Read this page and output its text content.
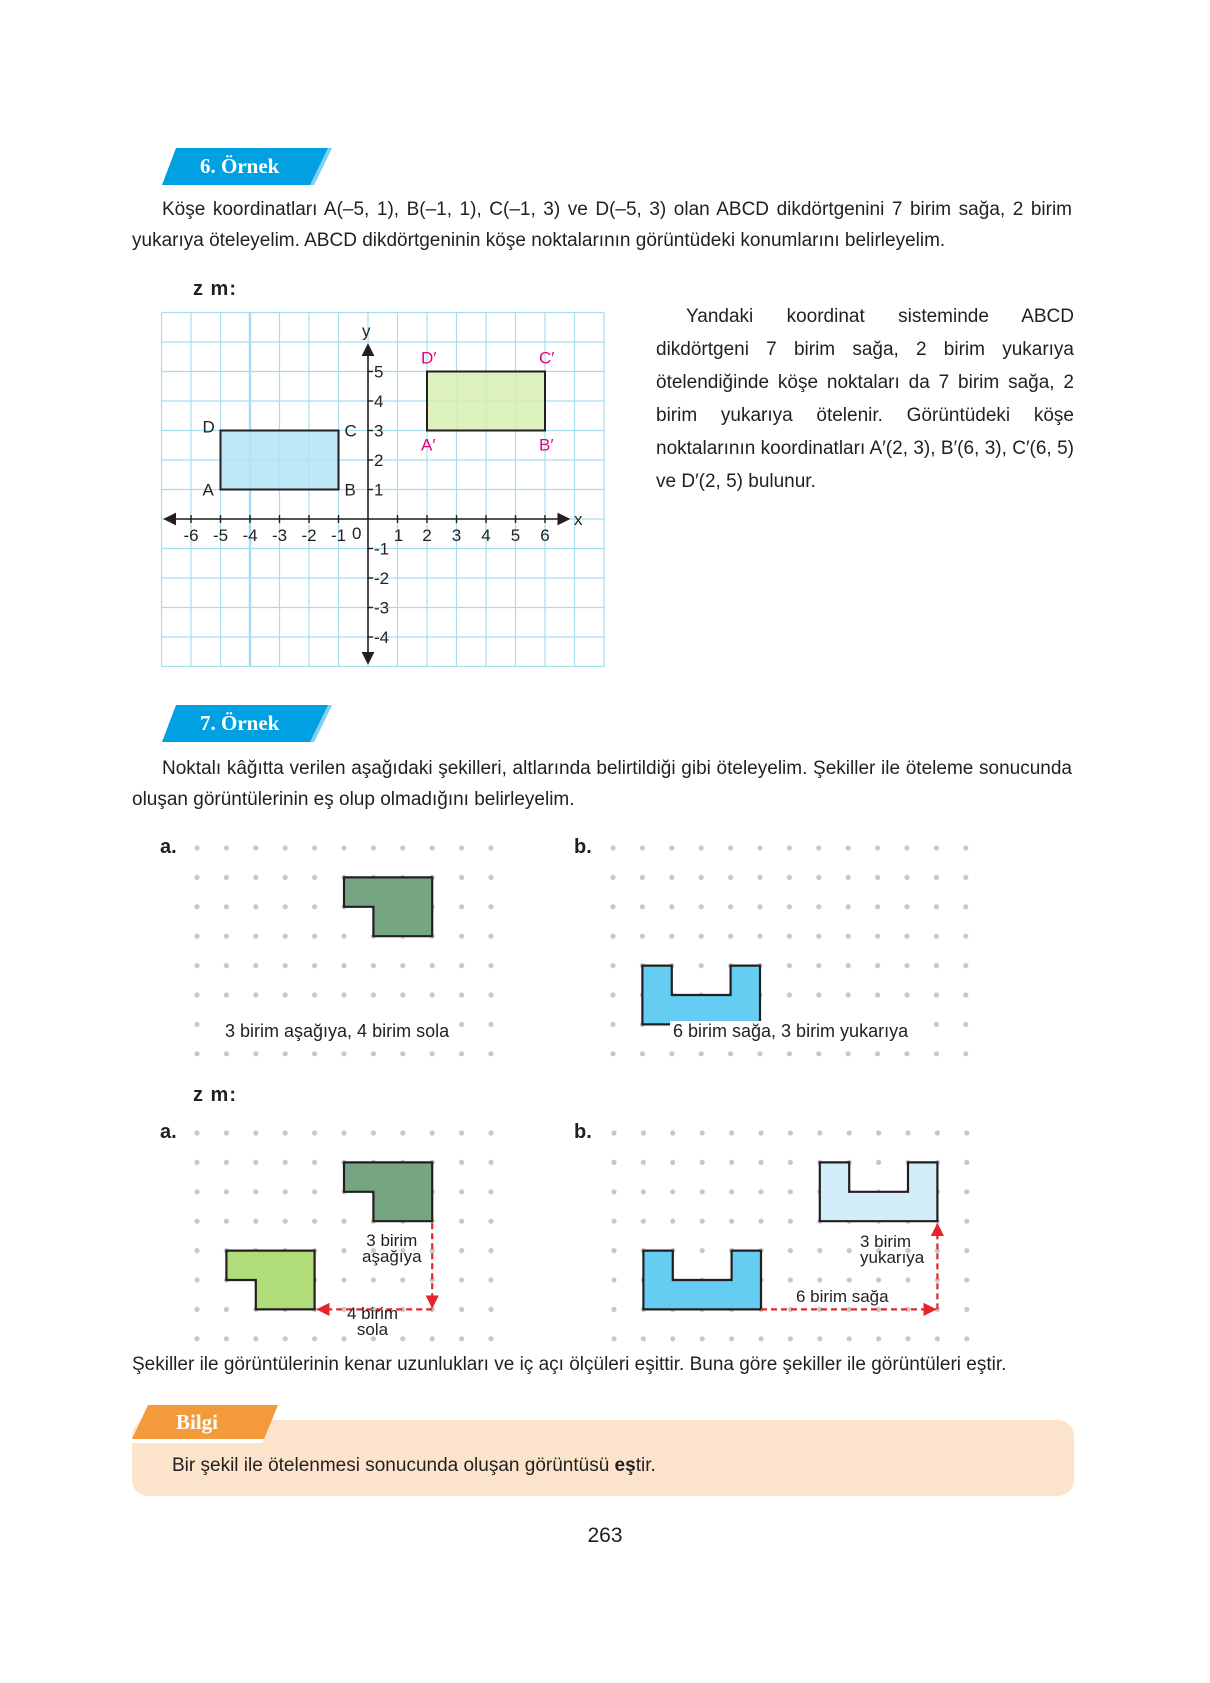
6. Örnek
Köşe koordinatları A(–5, 1), B(–1, 1), C(–1, 3) ve D(–5, 3) olan ABCD dikdörtgenini 7 birim sağa, 2 birim yukarıya öteleyelim. ABCD dikdörtgeninin köşe noktalarının görüntüdeki konumlarını belirleyelim.
z m:
Yandaki koordinat sisteminde ABCD dikdörtgeni 7 birim sağa, 2 birim yukarıya ötelendiğinde köşe noktaları da 7 birim sağa, 2 birim yukarıya ötelenir. Görüntüdeki köşe noktalarının koordinatları A′(2, 3), B′(6, 3), C′(6, 5) ve D′(2, 5) bulunur.
7. Örnek
Noktalı kâğıtta verilen aşağıdaki şekilleri, altlarında belirtildiği gibi öteleyelim. Şekiller ile öteleme sonucunda oluşan görüntülerinin eş olup olmadığını belirleyelim.
x
y
0
-6 -5 -4 -3 -2 -1	1 2 3 4 5 6
-4
-3
-2
-1
1
2
3
4
5
A	B
C
D
A′	B′
C′
D′
a.	b.
3 birim aşağıya, 4 birim sola	6 birim sağa, 3 birim yukarıya
z m:
a.	b.
3 birim
aşağıya
4 birim
sola
3 birim
yukarıya
6 birim sağa
Şekiller ile görüntülerinin kenar uzunlukları ve iç açı ölçüleri eşittir. Buna göre şekiller ile görüntüleri eştir.
Bir şekil ile ötelenmesi sonucunda oluşan görüntüsü eştir.
Bilgi
263
